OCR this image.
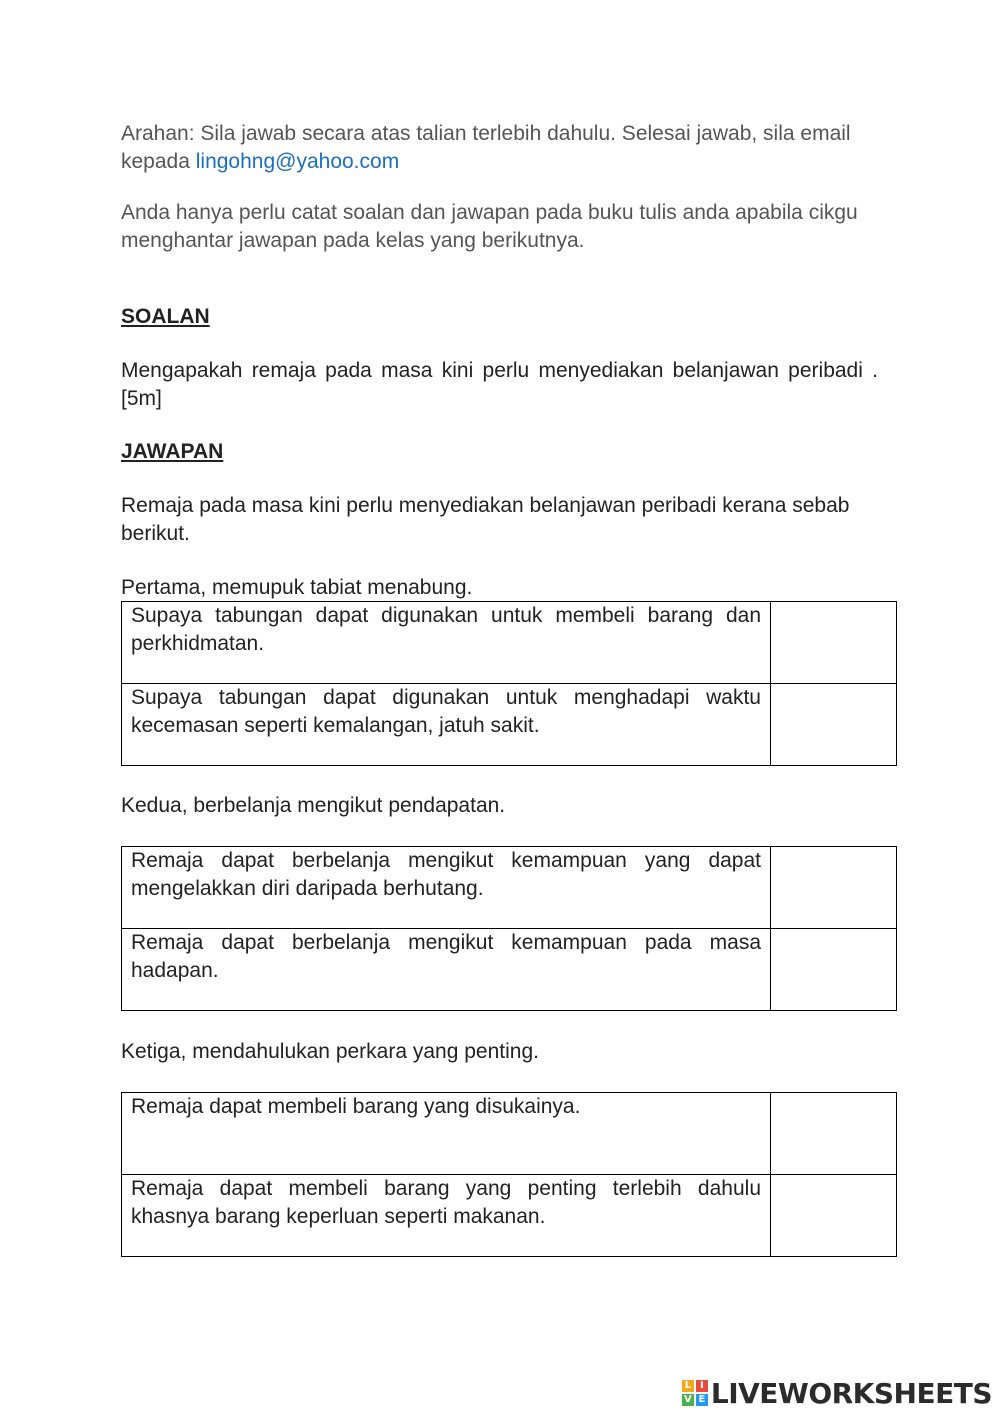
Arahan: Sila jawab secara atas talian terlebih dahulu. Selesai jawab, sila email kepada lingohng@yahoo.com
Anda hanya perlu catat soalan dan jawapan pada buku tulis anda apabila cikgu menghantar jawapan pada kelas yang berikutnya.
SOALAN
Mengapakah remaja pada masa kini perlu menyediakan belanjawan peribadi .[5m]
JAWAPAN
Remaja pada masa kini perlu menyediakan belanjawan peribadi kerana sebab berikut.
Pertama, memupuk tabiat menabung.
Supaya tabungan dapat digunakan untuk membeli barang dan perkhidmatan.	
Supaya tabungan dapat digunakan untuk menghadapi waktu kecemasan seperti kemalangan, jatuh sakit.	
Kedua, berbelanja mengikut pendapatan.
Remaja dapat berbelanja mengikut kemampuan yang dapat mengelakkan diri daripada berhutang.	
Remaja dapat berbelanja mengikut kemampuan pada masa hadapan.	
Ketiga, mendahulukan perkara yang penting.
Remaja dapat membeli barang yang disukainya.	
Remaja dapat membeli barang yang penting terlebih dahulu khasnya barang keperluan seperti makanan.	
L I
V E LIVEWORKSHEETS
